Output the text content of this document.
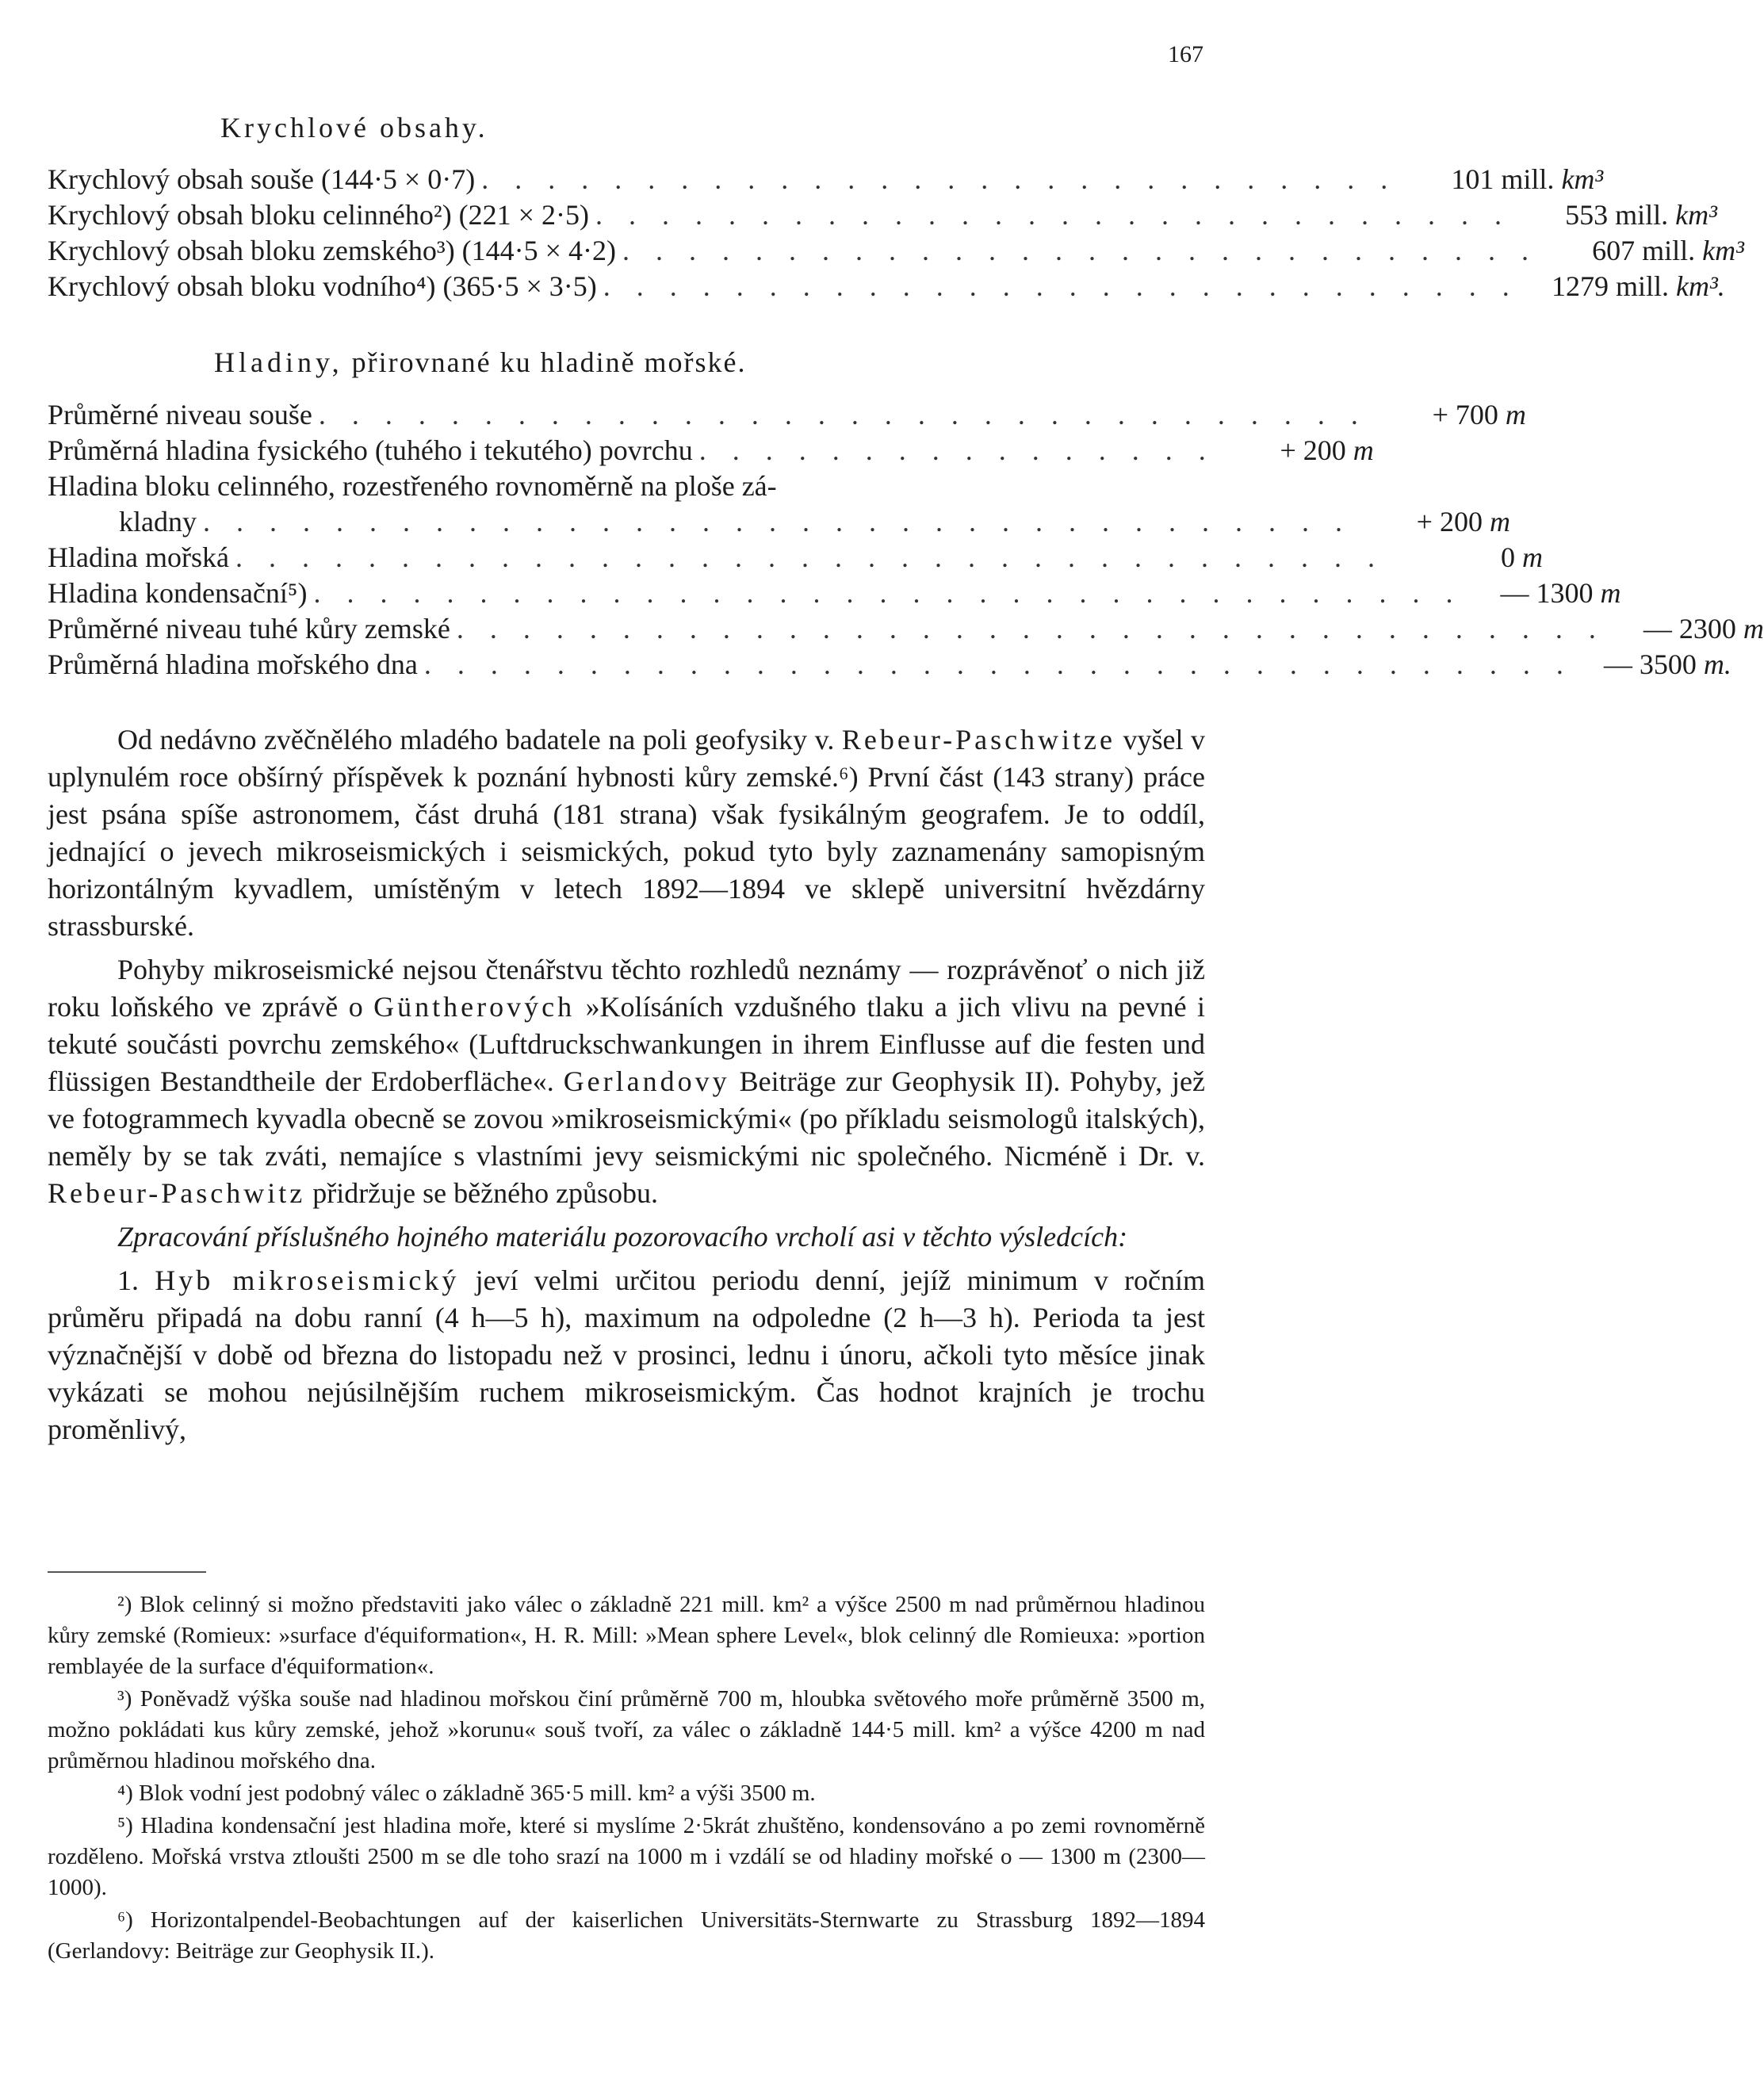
167
Krychlové obsahy.
Krychlový obsah souše (144·5 × 0·7) . . . . . . . . . . . . . . . . . . . . . . . . . . . .	101 mill. km³
Krychlový obsah bloku celinného²) (221 × 2·5) . . . . . . . . . . . . . . . . . . . . . . . . . . . .	553 mill. km³
Krychlový obsah bloku zemského³) (144·5 × 4·2) . . . . . . . . . . . . . . . . . . . . . . . . . . . .	607 mill. km³
Krychlový obsah bloku vodního⁴) (365·5 × 3·5) . . . . . . . . . . . . . . . . . . . . . . . . . . . .	1279 mill. km³.
Hladiny, přirovnané ku hladině mořské.
Průměrné niveau souše . . . . . . . . . . . . . . . . . . . . . . . . . . . . . . . .	+ 700 m
Průměrná hladina fysického (tuhého i tekutého) povrchu . . . . . . . . . . . . . . . .	+ 200 m
Hladina bloku celinného, rozestřeného rovnoměrně na ploše zá-
kladny . . . . . . . . . . . . . . . . . . . . . . . . . . . . . . . . . . .	+ 200 m
Hladina mořská . . . . . . . . . . . . . . . . . . . . . . . . . . . . . . . . . . .	0 m
Hladina kondensační⁵) . . . . . . . . . . . . . . . . . . . . . . . . . . . . . . . . . . .	— 1300 m
Průměrné niveau tuhé kůry zemské . . . . . . . . . . . . . . . . . . . . . . . . . . . . . . . . . . .	— 2300 m
Průměrná hladina mořského dna . . . . . . . . . . . . . . . . . . . . . . . . . . . . . . . . . . .	— 3500 m.

Od nedávno zvěčnělého mladého badatele na poli geofysiky v. Rebeur-Paschwitze vyšel v uplynulém roce obšírný příspěvek k poznání hybnosti kůry zemské.⁶) První část (143 strany) práce jest psána spíše astronomem, část druhá (181 strana) však fysikálným geografem. Je to oddíl, jednající o jevech mikroseismických i seismických, pokud tyto byly zaznamenány samopisným horizontálným kyvadlem, umístěným v letech 1892—1894 ve sklepě universitní hvězdárny strassburské.

Pohyby mikroseismické nejsou čtenářstvu těchto rozhledů neznámy — rozprávěnoť o nich již roku loňského ve zprávě o Güntherových »Kolísáních vzdušného tlaku a jich vlivu na pevné i tekuté součásti povrchu zemského« (Luftdruckschwankungen in ihrem Einflusse auf die festen und flüssigen Bestandtheile der Erdoberfläche«. Gerlandovy Beiträge zur Geophysik II). Pohyby, jež ve fotogrammech kyvadla obecně se zovou »mikroseismickými« (po příkladu seismologů italských), neměly by se tak zváti, nemajíce s vlastními jevy seismickými nic společného. Nicméně i Dr. v. Rebeur-Paschwitz přidržuje se běžného způsobu.

Zpracování příslušného hojného materiálu pozorovacího vrcholí asi v těchto výsledcích:

1. Hyb mikroseismický jeví velmi určitou periodu denní, jejíž minimum v ročním průměru připadá na dobu ranní (4 h—5 h), maximum na odpoledne (2 h—3 h). Perioda ta jest význačnější v době od března do listopadu než v prosinci, lednu i únoru, ačkoli tyto měsíce jinak vykázati se mohou nejúsilnějším ruchem mikroseismickým. Čas hodnot krajních je trochu proměnlivý,

²) Blok celinný si možno představiti jako válec o základně 221 mill. km² a výšce 2500 m nad průměrnou hladinou kůry zemské (Romieux: »surface d'équiformation«, H. R. Mill: »Mean sphere Level«, blok celinný dle Romieuxa: »portion remblayée de la surface d'équiformation«.

³) Poněvadž výška souše nad hladinou mořskou činí průměrně 700 m, hloubka světového moře průměrně 3500 m, možno pokládati kus kůry zemské, jehož »korunu« souš tvoří, za válec o základně 144·5 mill. km² a výšce 4200 m nad průměrnou hladinou mořského dna.

⁴) Blok vodní jest podobný válec o základně 365·5 mill. km² a výši 3500 m.

⁵) Hladina kondensační jest hladina moře, které si myslíme 2·5krát zhuštěno, kondensováno a po zemi rovnoměrně rozděleno. Mořská vrstva ztloušti 2500 m se dle toho srazí na 1000 m i vzdálí se od hladiny mořské o — 1300 m (2300—1000).

⁶) Horizontalpendel-Beobachtungen auf der kaiserlichen Universitäts-Sternwarte zu Strassburg 1892—1894 (Gerlandovy: Beiträge zur Geophysik II.).
